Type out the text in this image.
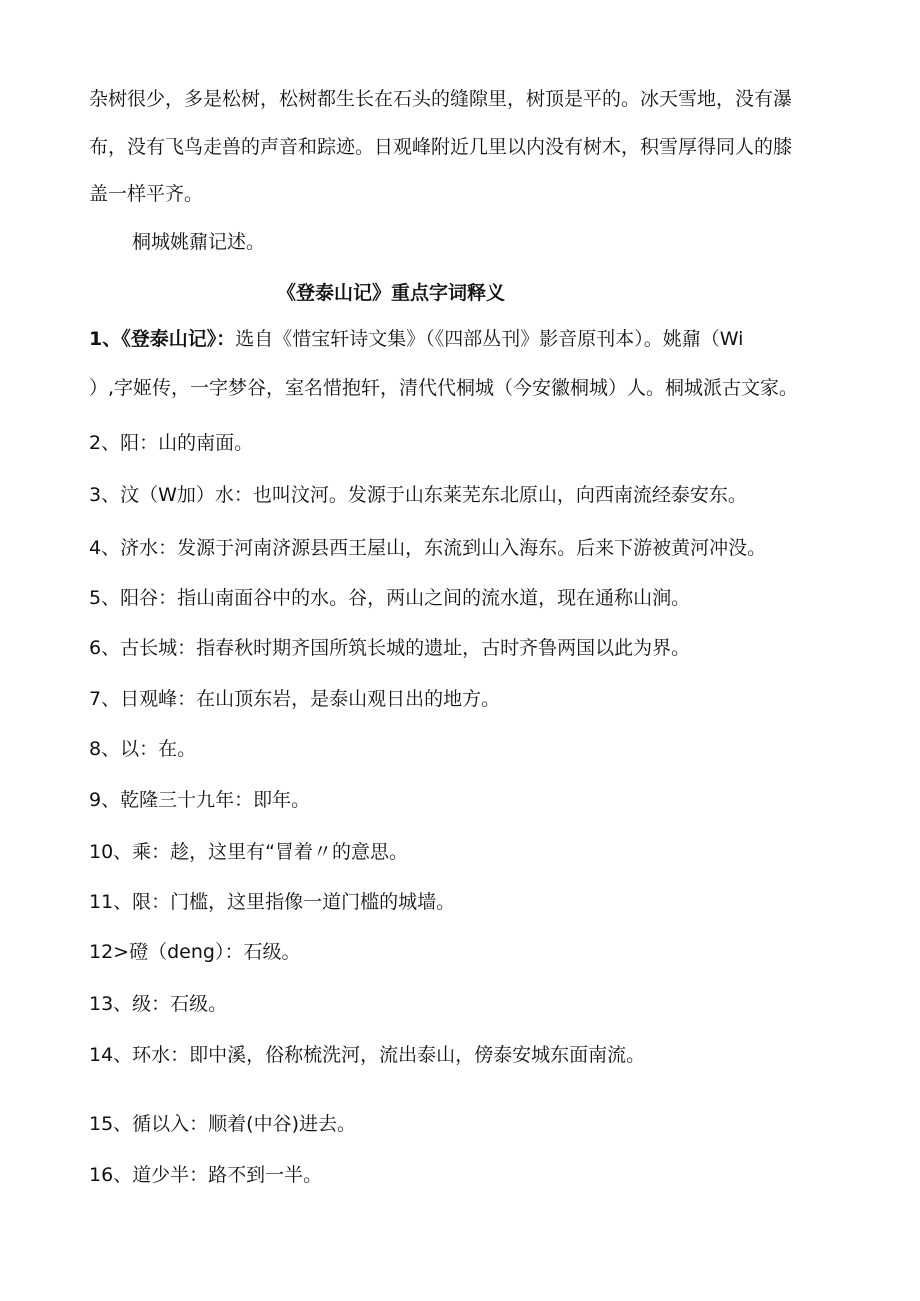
杂树很少，多是松树，松树都生长在石头的缝隙里，树顶是平的。冰天雪地，没有瀑
布，没有飞鸟走兽的声音和踪迹。日观峰附近几里以内没有树木，积雪厚得同人的膝
盖一样平齐。
桐城姚鼐记述。
《登泰山记》重点字词释义
1、《登泰山记》：选自《惜宝轩诗文集》（《四部丛刊》影音原刊本）。姚鼐（Wi
）,字姬传，一字梦谷，室名惜抱轩，清代代桐城（今安徽桐城）人。桐城派古文家。
2、阳：山的南面。
3、汶（W加）水：也叫汶河。发源于山东莱芜东北原山，向西南流经泰安东。
4、济水：发源于河南济源县西王屋山，东流到山入海东。后来下游被黄河冲没。
5、阳谷：指山南面谷中的水。谷，两山之间的流水道，现在通称山涧。
6、古长城：指春秋时期齐国所筑长城的遗址，古时齐鲁两国以此为界。
7、日观峰：在山顶东岩，是泰山观日出的地方。
8、以：在。
9、乾隆三十九年：即年。
10、乘：趁，这里有“冒着〃的意思。
11、限：门槛，这里指像一道门槛的城墙。
12>磴（deng）：石级。
13、级：石级。
14、环水：即中溪，俗称梳洗河，流出泰山，傍泰安城东面南流。
15、循以入：顺着(中谷)进去。
16、道少半：路不到一半。
